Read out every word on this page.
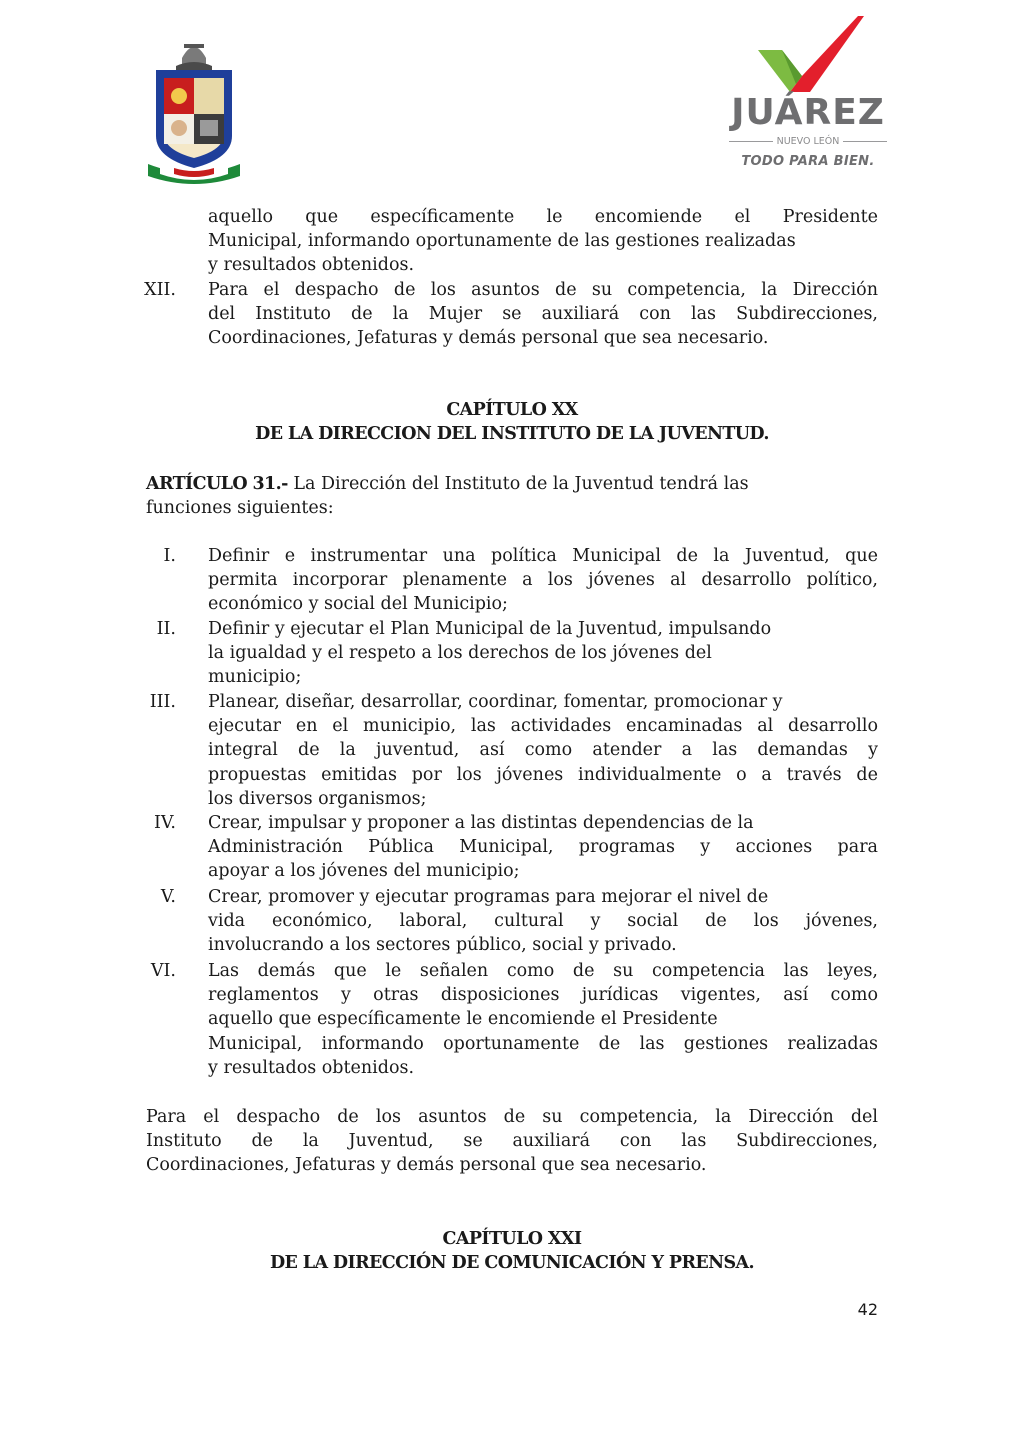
JUÁREZ
NUEVO LEÓN
TODO PARA BIEN.
aquello que específicamente le encomiende el Presidente
Municipal, informando oportunamente de las gestiones realizadas
y resultados obtenidos.
XII. Para el despacho de los asuntos de su competencia, la Dirección
del Instituto de la Mujer se auxiliará con las Subdirecciones,
Coordinaciones, Jefaturas y demás personal que sea necesario.
CAPÍTULO XX
DE LA DIRECCION DEL INSTITUTO DE LA JUVENTUD.
ARTÍCULO 31.- La Dirección del Instituto de la Juventud tendrá las
funciones siguientes:
I. Definir e instrumentar una política Municipal de la Juventud, que
permita incorporar plenamente a los jóvenes al desarrollo político,
económico y social del Municipio;
II. Definir y ejecutar el Plan Municipal de la Juventud, impulsando
la igualdad y el respeto a los derechos de los jóvenes del
municipio;
III. Planear, diseñar, desarrollar, coordinar, fomentar, promocionar y
ejecutar en el municipio, las actividades encaminadas al desarrollo
integral de la juventud, así como atender a las demandas y
propuestas emitidas por los jóvenes individualmente o a través de
los diversos organismos;
IV. Crear, impulsar y proponer a las distintas dependencias de la
Administración Pública Municipal, programas y acciones para
apoyar a los jóvenes del municipio;
V. Crear, promover y ejecutar programas para mejorar el nivel de
vida económico, laboral, cultural y social de los jóvenes,
involucrando a los sectores público, social y privado.
VI. Las demás que le señalen como de su competencia las leyes,
reglamentos y otras disposiciones jurídicas vigentes, así como
aquello que específicamente le encomiende el Presidente
Municipal, informando oportunamente de las gestiones realizadas
y resultados obtenidos.
Para el despacho de los asuntos de su competencia, la Dirección del
Instituto de la Juventud, se auxiliará con las Subdirecciones,
Coordinaciones, Jefaturas y demás personal que sea necesario.
CAPÍTULO XXI
DE LA DIRECCIÓN DE COMUNICACIÓN Y PRENSA.
42
